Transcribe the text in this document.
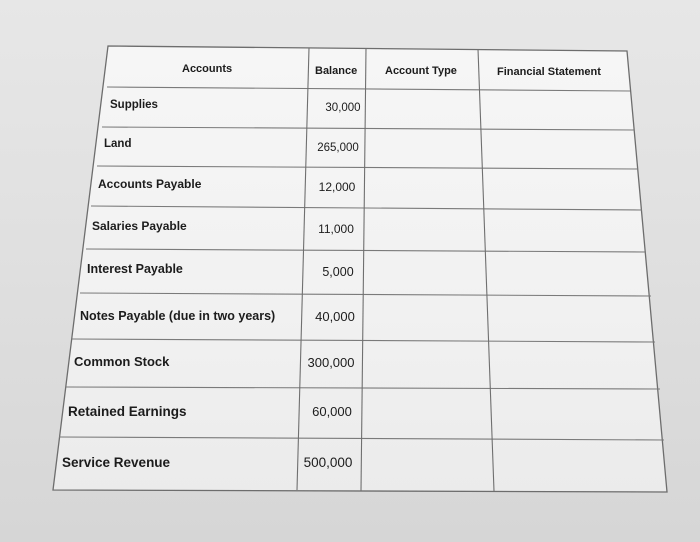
Accounts	Balance	Account Type	Financial Statement
Supplies	30,000
Land	265,000
Accounts Payable	12,000
Salaries Payable	11,000
Interest Payable	5,000
Notes Payable (due in two years)	40,000
Common Stock	300,000
Retained Earnings	60,000
Service Revenue	500,000
